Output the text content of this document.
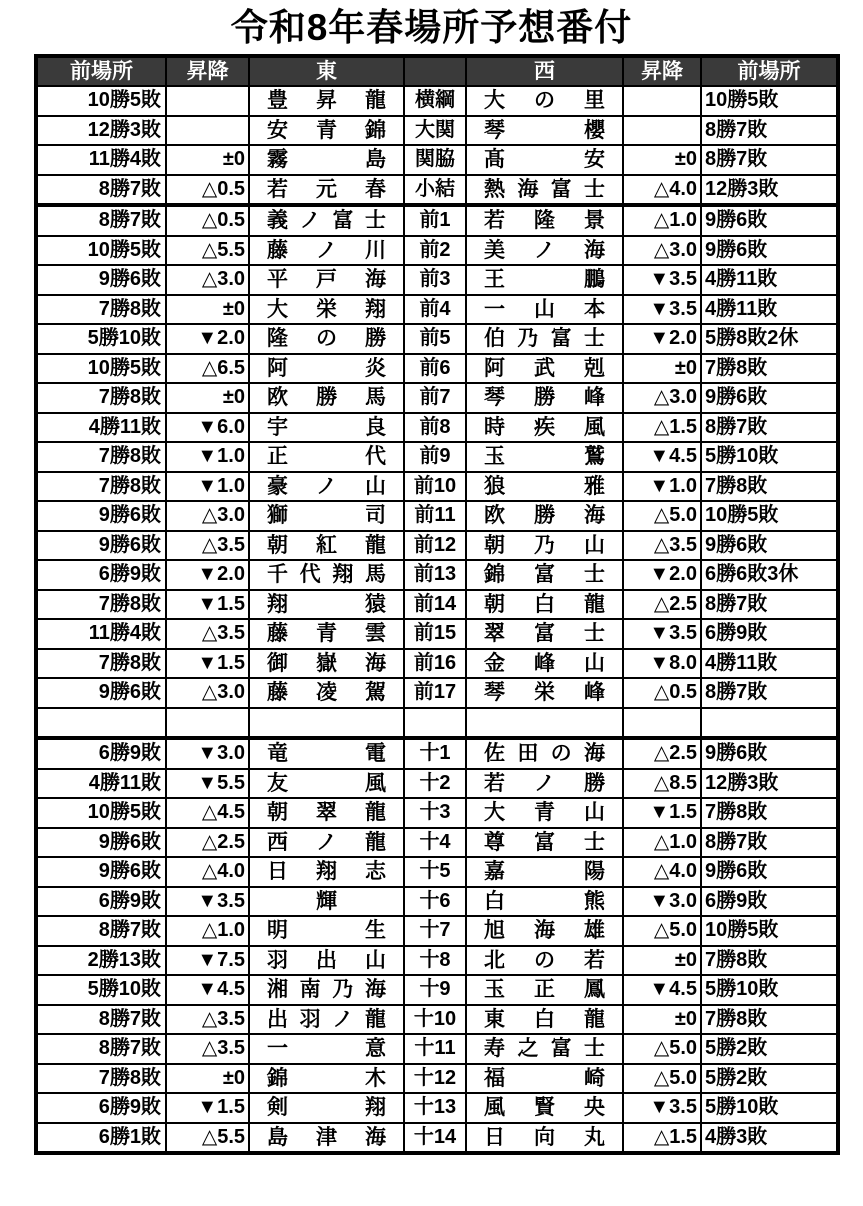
令和8年春場所予想番付
前場所	昇降	東		西	昇降	前場所
10勝5敗		豊昇龍	横綱	大の里		10勝5敗
12勝3敗		安青錦	大関	琴櫻		8勝7敗
11勝4敗	±0	霧島	関脇	髙安	±0	8勝7敗
8勝7敗	△0.5	若元春	小結	熱海富士	△4.0	12勝3敗
8勝7敗	△0.5	義ノ富士	前1	若隆景	△1.0	9勝6敗
10勝5敗	△5.5	藤ノ川	前2	美ノ海	△3.0	9勝6敗
9勝6敗	△3.0	平戸海	前3	王鵬	▼3.5	4勝11敗
7勝8敗	±0	大栄翔	前4	一山本	▼3.5	4勝11敗
5勝10敗	▼2.0	隆の勝	前5	伯乃富士	▼2.0	5勝8敗2休
10勝5敗	△6.5	阿炎	前6	阿武剋	±0	7勝8敗
7勝8敗	±0	欧勝馬	前7	琴勝峰	△3.0	9勝6敗
4勝11敗	▼6.0	宇良	前8	時疾風	△1.5	8勝7敗
7勝8敗	▼1.0	正代	前9	玉鷲	▼4.5	5勝10敗
7勝8敗	▼1.0	豪ノ山	前10	狼雅	▼1.0	7勝8敗
9勝6敗	△3.0	獅司	前11	欧勝海	△5.0	10勝5敗
9勝6敗	△3.5	朝紅龍	前12	朝乃山	△3.5	9勝6敗
6勝9敗	▼2.0	千代翔馬	前13	錦富士	▼2.0	6勝6敗3休
7勝8敗	▼1.5	翔猿	前14	朝白龍	△2.5	8勝7敗
11勝4敗	△3.5	藤青雲	前15	翠富士	▼3.5	6勝9敗
7勝8敗	▼1.5	御嶽海	前16	金峰山	▼8.0	4勝11敗
9勝6敗	△3.0	藤凌駕	前17	琴栄峰	△0.5	8勝7敗

6勝9敗	▼3.0	竜電	十1	佐田の海	△2.5	9勝6敗
4勝11敗	▼5.5	友風	十2	若ノ勝	△8.5	12勝3敗
10勝5敗	△4.5	朝翠龍	十3	大青山	▼1.5	7勝8敗
9勝6敗	△2.5	西ノ龍	十4	尊富士	△1.0	8勝7敗
9勝6敗	△4.0	日翔志	十5	嘉陽	△4.0	9勝6敗
6勝9敗	▼3.5	輝	十6	白熊	▼3.0	6勝9敗
8勝7敗	△1.0	明生	十7	旭海雄	△5.0	10勝5敗
2勝13敗	▼7.5	羽出山	十8	北の若	±0	7勝8敗
5勝10敗	▼4.5	湘南乃海	十9	玉正鳳	▼4.5	5勝10敗
8勝7敗	△3.5	出羽ノ龍	十10	東白龍	±0	7勝8敗
8勝7敗	△3.5	一意	十11	寿之富士	△5.0	5勝2敗
7勝8敗	±0	錦木	十12	福崎	△5.0	5勝2敗
6勝9敗	▼1.5	剣翔	十13	風賢央	▼3.5	5勝10敗
6勝1敗	△5.5	島津海	十14	日向丸	△1.5	4勝3敗
